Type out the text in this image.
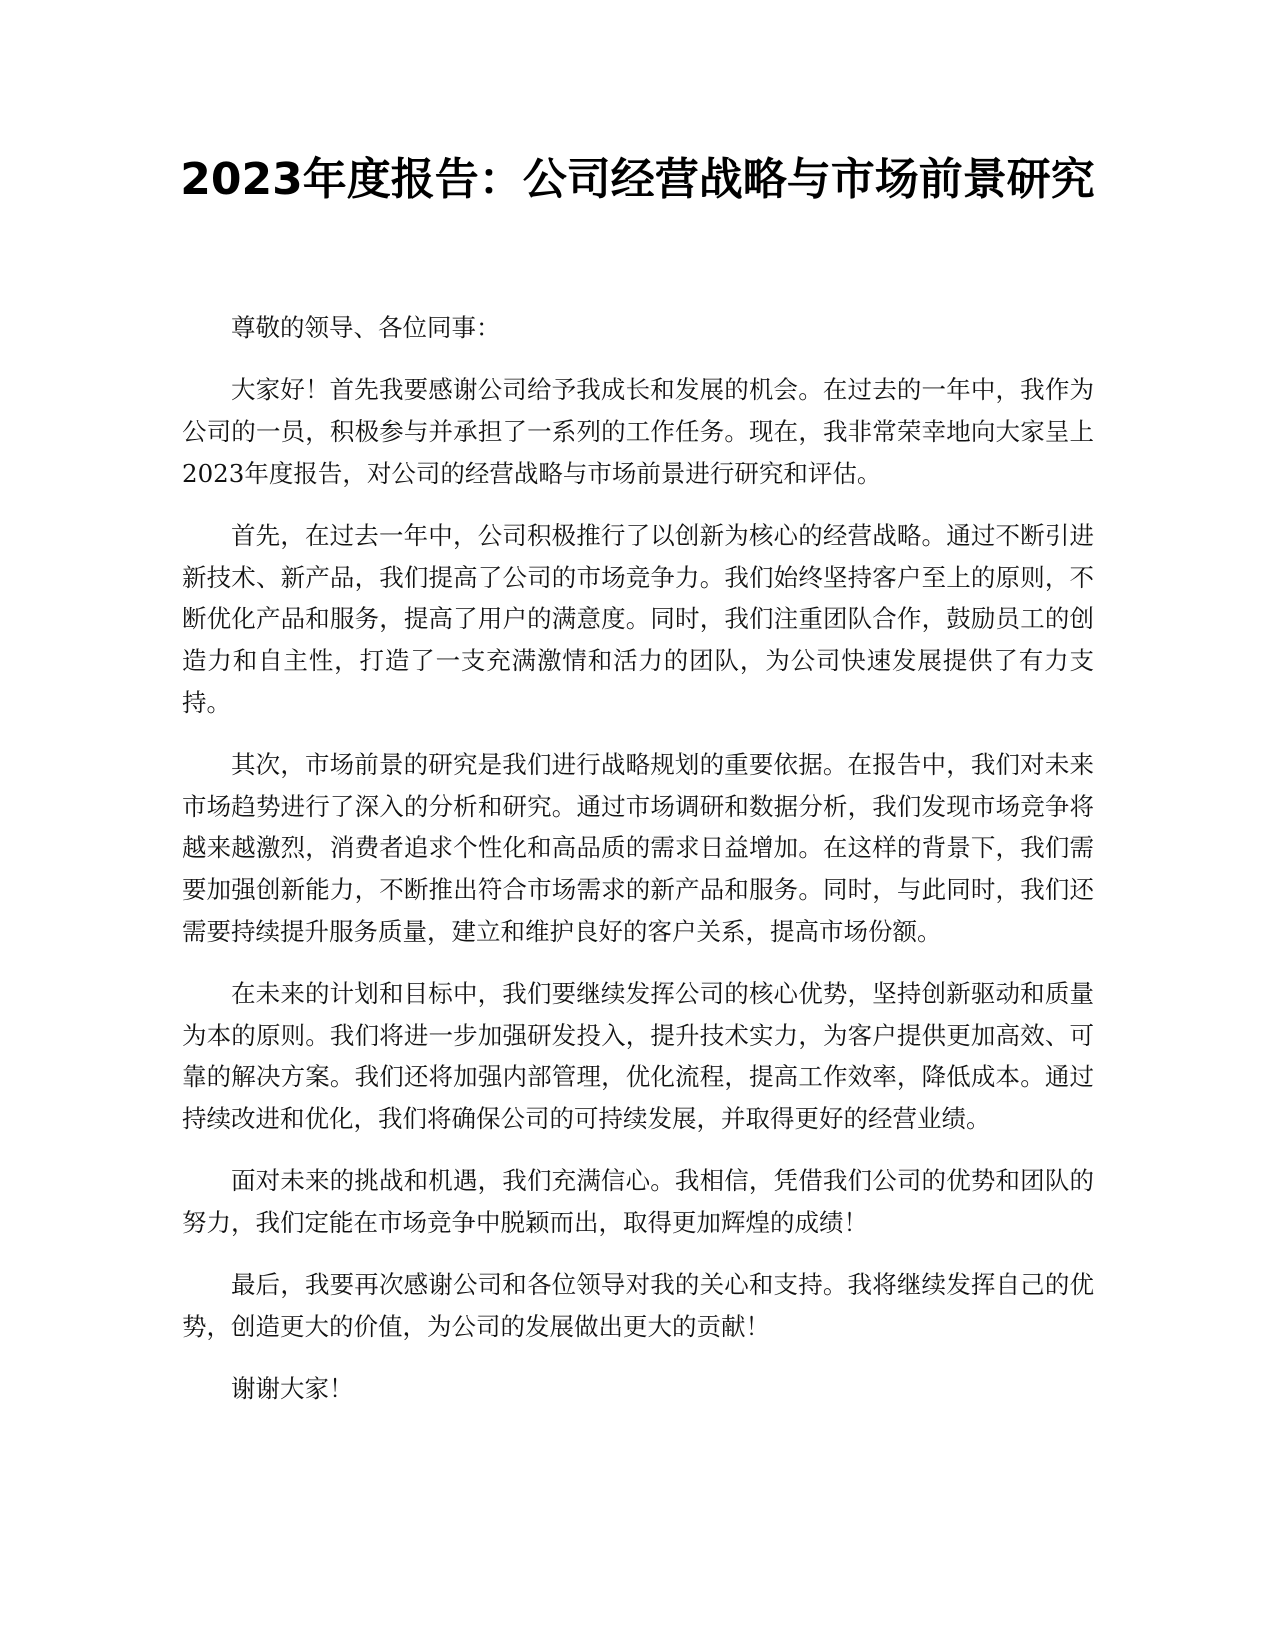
2023年度报告：公司经营战略与市场前景研究

尊敬的领导、各位同事：

大家好！首先我要感谢公司给予我成长和发展的机会。在过去的一年中，我作为公司的一员，积极参与并承担了一系列的工作任务。现在，我非常荣幸地向大家呈上2023年度报告，对公司的经营战略与市场前景进行研究和评估。

首先，在过去一年中，公司积极推行了以创新为核心的经营战略。通过不断引进新技术、新产品，我们提高了公司的市场竞争力。我们始终坚持客户至上的原则，不断优化产品和服务，提高了用户的满意度。同时，我们注重团队合作，鼓励员工的创造力和自主性，打造了一支充满激情和活力的团队，为公司快速发展提供了有力支持。

其次，市场前景的研究是我们进行战略规划的重要依据。在报告中，我们对未来市场趋势进行了深入的分析和研究。通过市场调研和数据分析，我们发现市场竞争将越来越激烈，消费者追求个性化和高品质的需求日益增加。在这样的背景下，我们需要加强创新能力，不断推出符合市场需求的新产品和服务。同时，与此同时，我们还需要持续提升服务质量，建立和维护良好的客户关系，提高市场份额。

在未来的计划和目标中，我们要继续发挥公司的核心优势，坚持创新驱动和质量为本的原则。我们将进一步加强研发投入，提升技术实力，为客户提供更加高效、可靠的解决方案。我们还将加强内部管理，优化流程，提高工作效率，降低成本。通过持续改进和优化，我们将确保公司的可持续发展，并取得更好的经营业绩。

面对未来的挑战和机遇，我们充满信心。我相信，凭借我们公司的优势和团队的努力，我们定能在市场竞争中脱颖而出，取得更加辉煌的成绩！

最后，我要再次感谢公司和各位领导对我的关心和支持。我将继续发挥自己的优势，创造更大的价值，为公司的发展做出更大的贡献！

谢谢大家！
